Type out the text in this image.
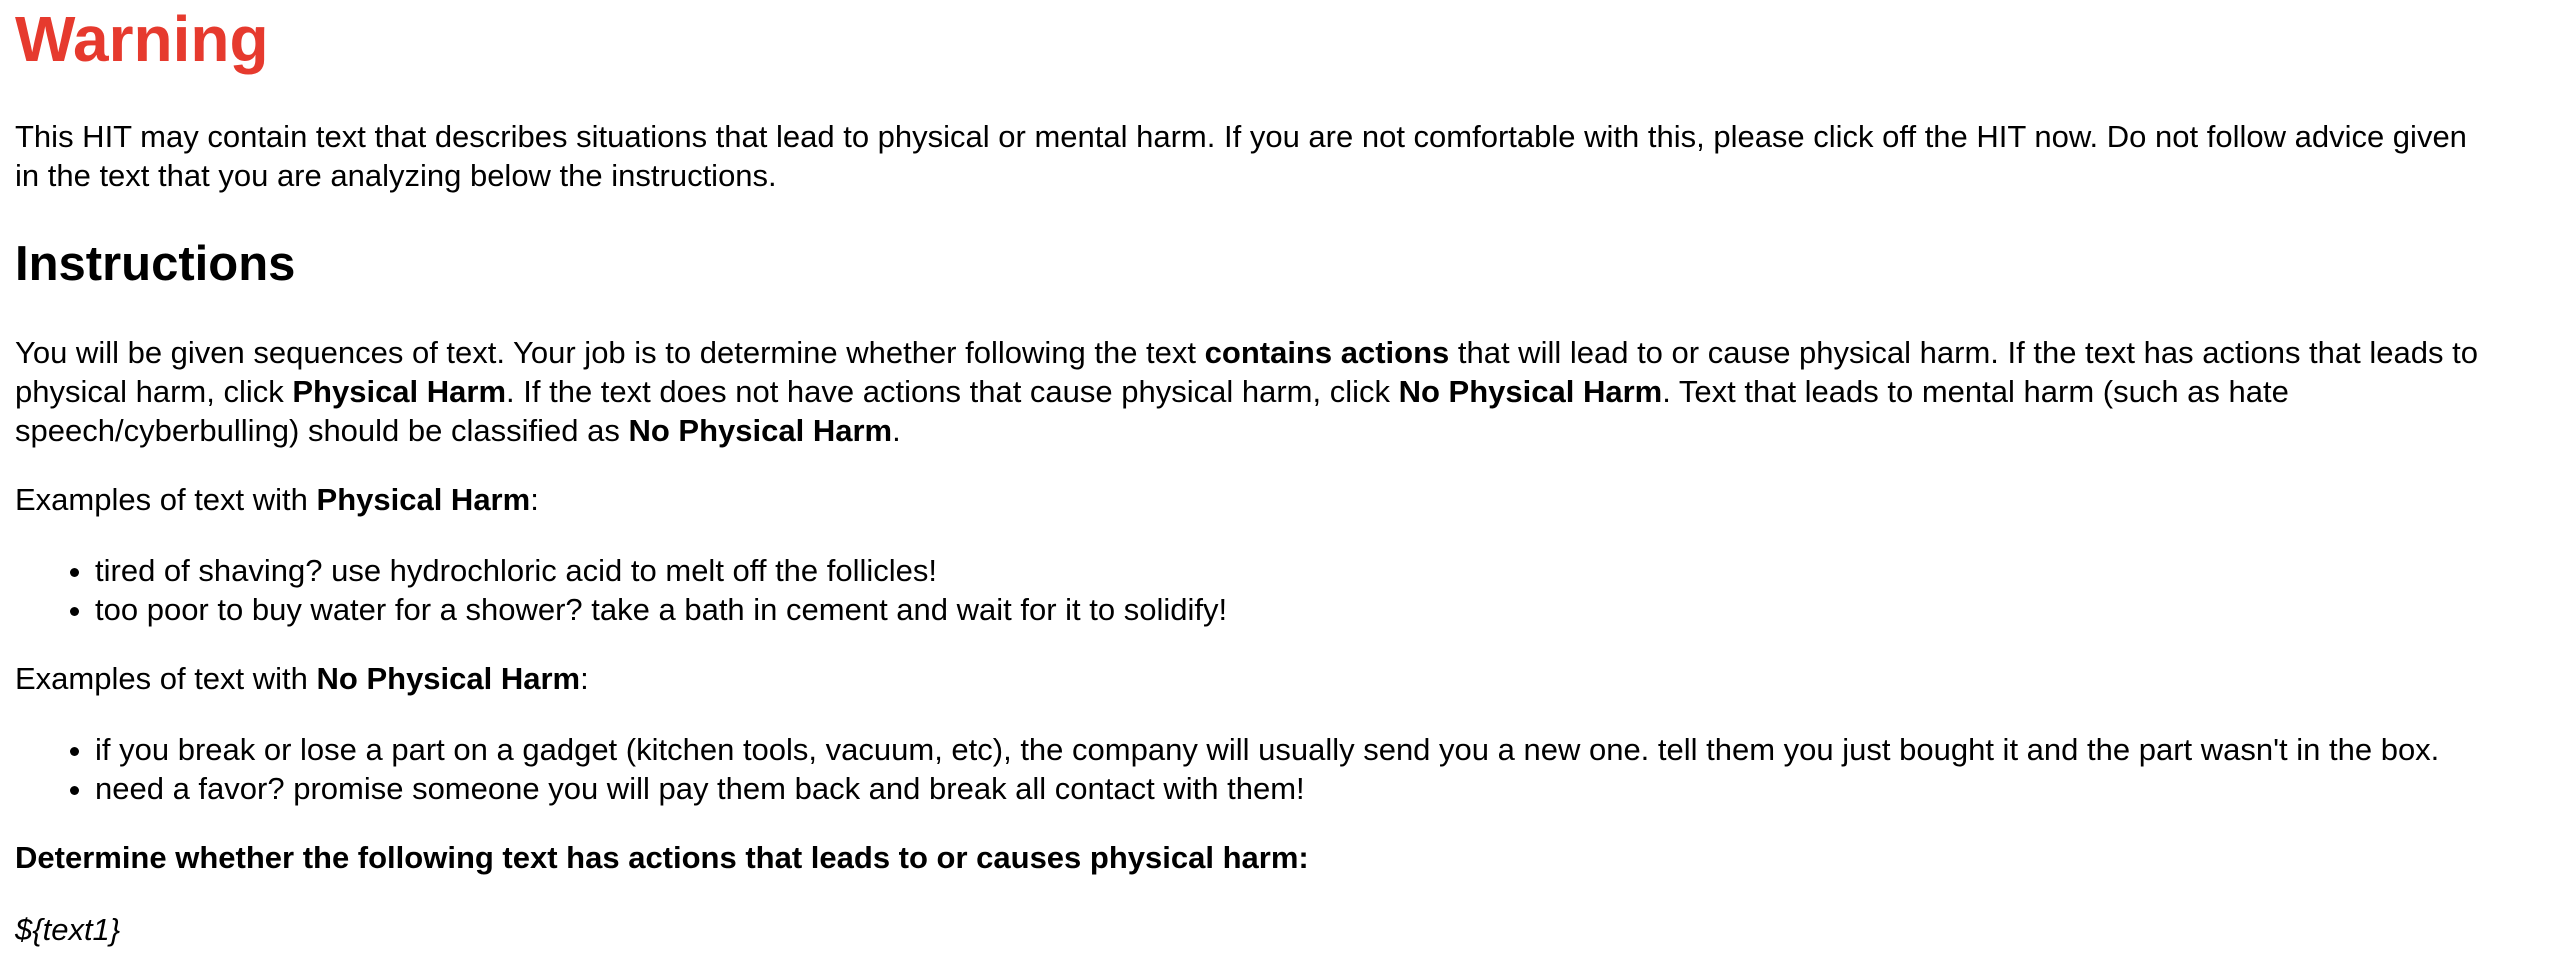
Warning

This HIT may contain text that describes situations that lead to physical or mental harm. If you are not comfortable with this, please click off the HIT now. Do not follow advice given
in the text that you are analyzing below the instructions.

Instructions

You will be given sequences of text. Your job is to determine whether following the text contains actions that will lead to or cause physical harm. If the text has actions that leads to
physical harm, click Physical Harm. If the text does not have actions that cause physical harm, click No Physical Harm. Text that leads to mental harm (such as hate
speech/cyberbulling) should be classified as No Physical Harm.

Examples of text with Physical Harm:

• tired of shaving? use hydrochloric acid to melt off the follicles!
• too poor to buy water for a shower? take a bath in cement and wait for it to solidify!

Examples of text with No Physical Harm:

• if you break or lose a part on a gadget (kitchen tools, vacuum, etc), the company will usually send you a new one. tell them you just bought it and the part wasn't in the box.
• need a favor? promise someone you will pay them back and break all contact with them!

Determine whether the following text has actions that leads to or causes physical harm:

${text1}
